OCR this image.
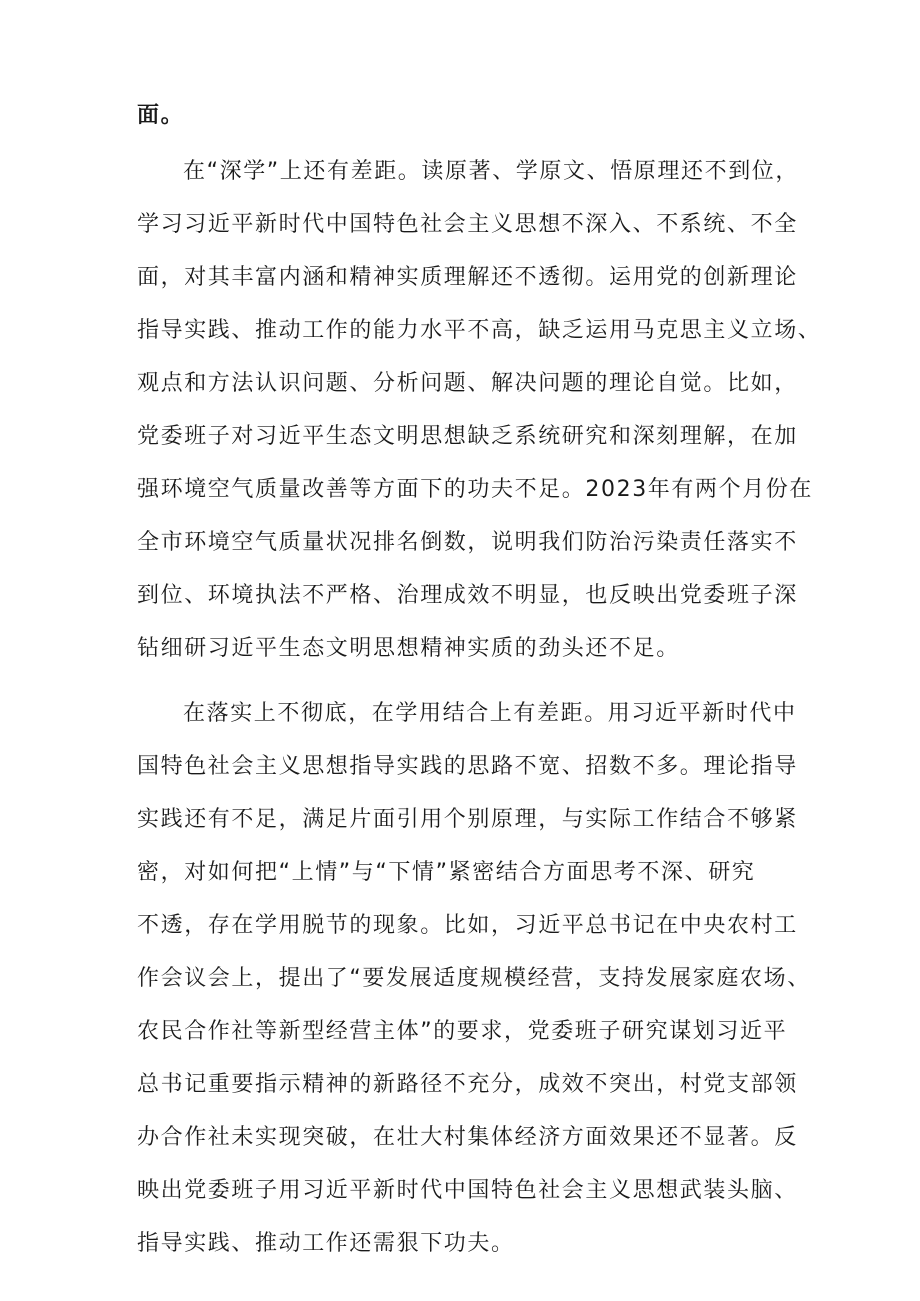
面。
在“深学”上还有差距。读原著、学原文、悟原理还不到位，
学习习近平新时代中国特色社会主义思想不深入、不系统、不全
面，对其丰富内涵和精神实质理解还不透彻。运用党的创新理论
指导实践、推动工作的能力水平不高，缺乏运用马克思主义立场、
观点和方法认识问题、分析问题、解决问题的理论自觉。比如，
党委班子对习近平生态文明思想缺乏系统研究和深刻理解，在加
强环境空气质量改善等方面下的功夫不足。2023年有两个月份在
全市环境空气质量状况排名倒数，说明我们防治污染责任落实不
到位、环境执法不严格、治理成效不明显，也反映出党委班子深
钻细研习近平生态文明思想精神实质的劲头还不足。
在落实上不彻底，在学用结合上有差距。用习近平新时代中
国特色社会主义思想指导实践的思路不宽、招数不多。理论指导
实践还有不足，满足片面引用个别原理，与实际工作结合不够紧
密，对如何把“上情”与“下情”紧密结合方面思考不深、研究
不透，存在学用脱节的现象。比如，习近平总书记在中央农村工
作会议会上，提出了“要发展适度规模经营，支持发展家庭农场、
农民合作社等新型经营主体”的要求，党委班子研究谋划习近平
总书记重要指示精神的新路径不充分，成效不突出，村党支部领
办合作社未实现突破，在壮大村集体经济方面效果还不显著。反
映出党委班子用习近平新时代中国特色社会主义思想武装头脑、
指导实践、推动工作还需狠下功夫。
